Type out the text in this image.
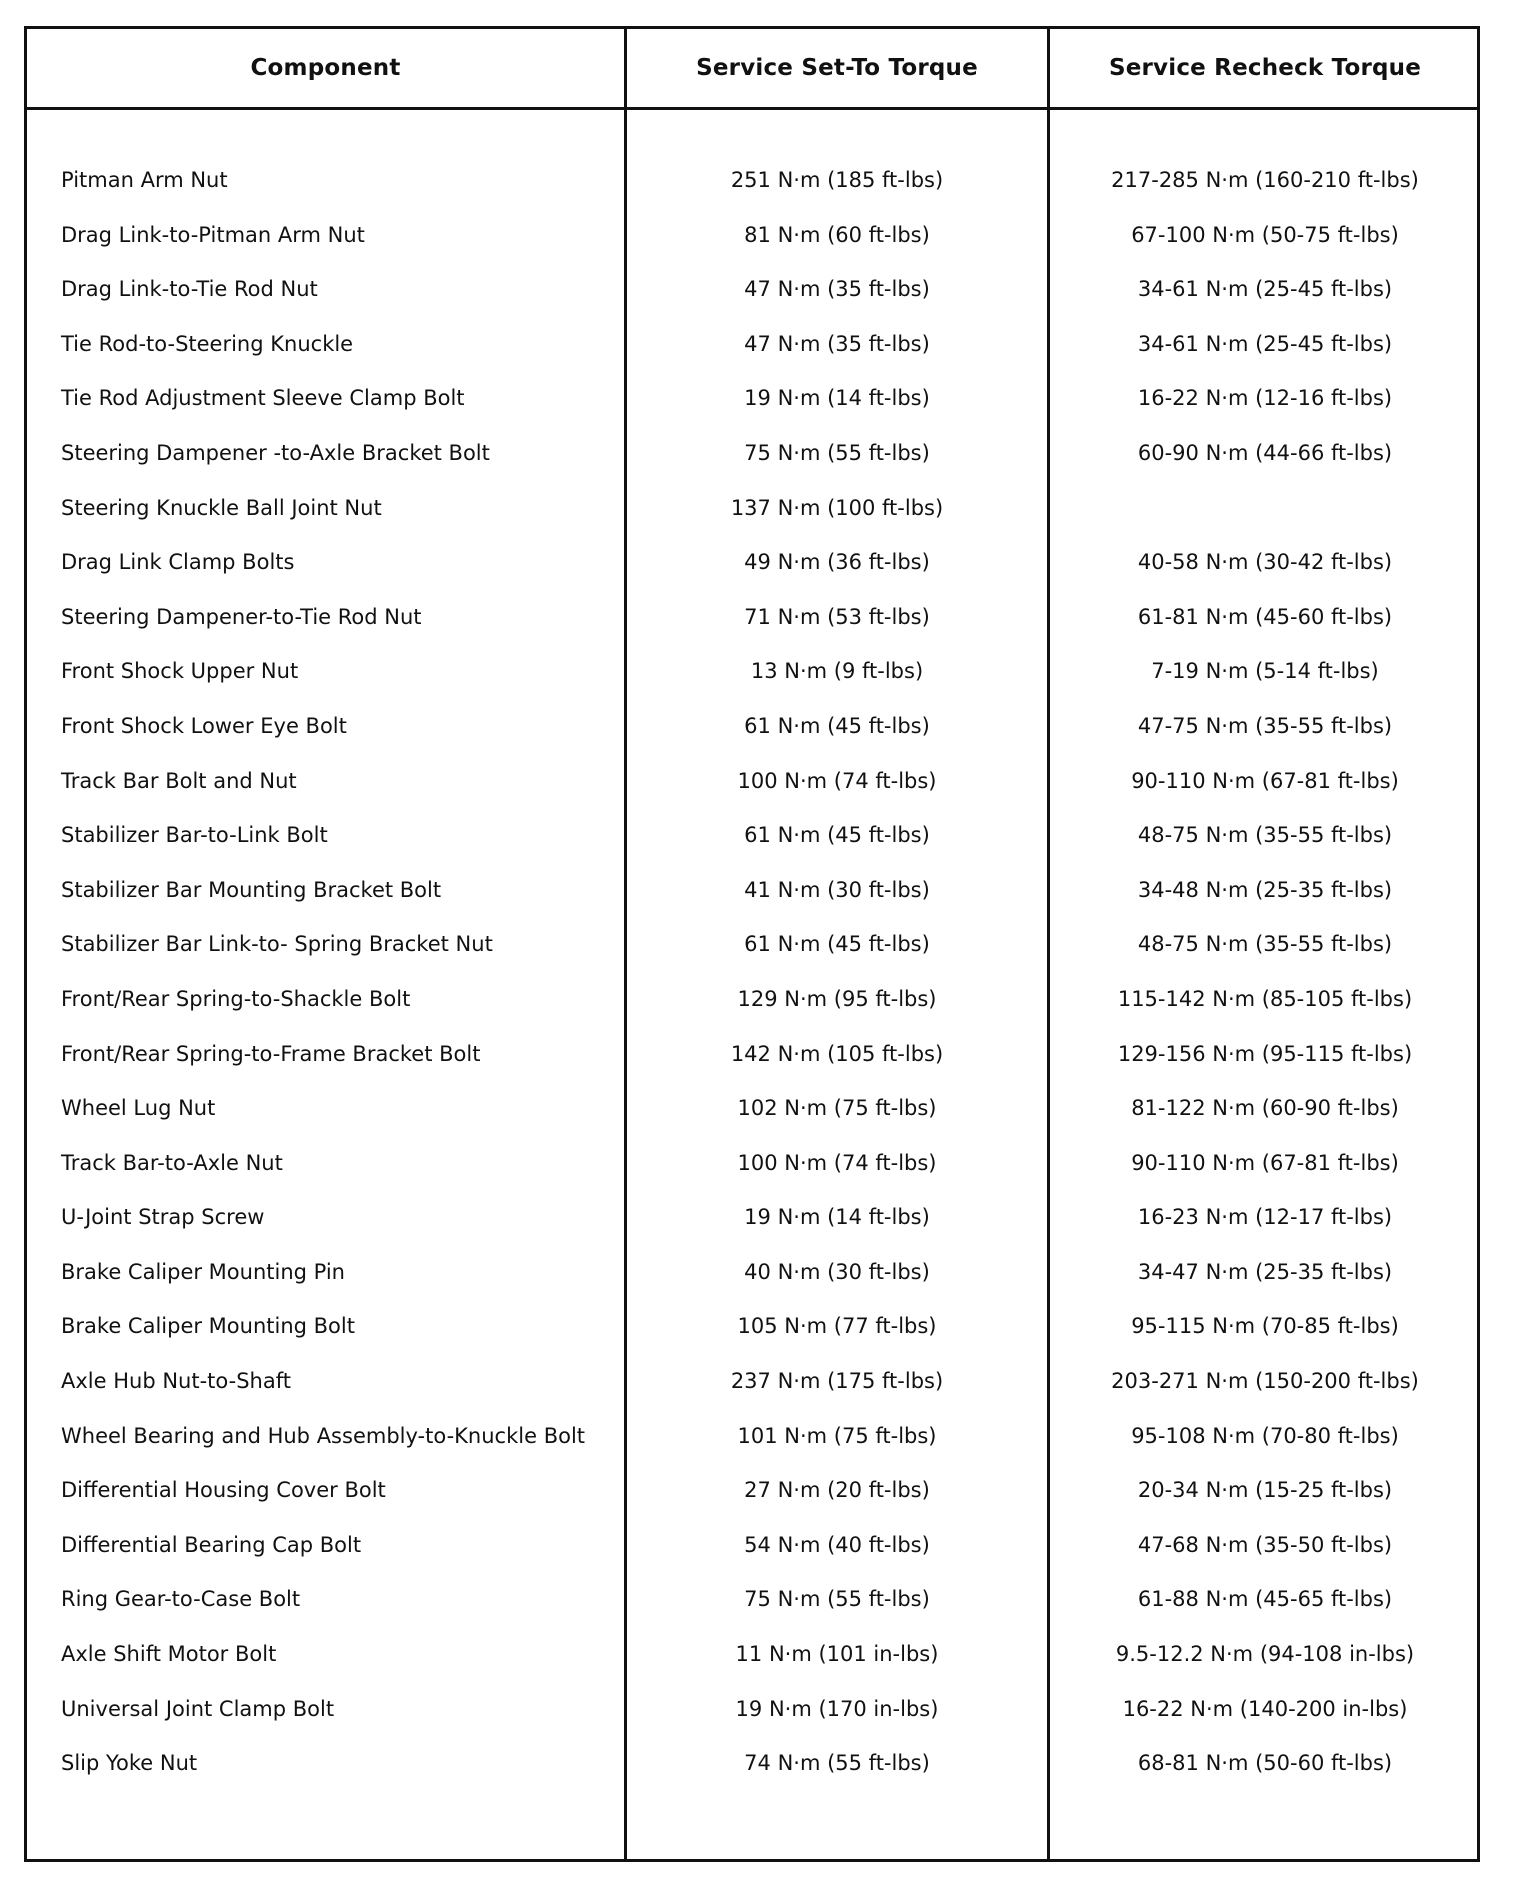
Component	Service Set-To Torque	Service Recheck Torque
Pitman Arm Nut	251 N·m (185 ft-lbs)	217-285 N·m (160-210 ft-lbs)
Drag Link-to-Pitman Arm Nut	81 N·m (60 ft-lbs)	67-100 N·m (50-75 ft-lbs)
Drag Link-to-Tie Rod Nut	47 N·m (35 ft-lbs)	34-61 N·m (25-45 ft-lbs)
Tie Rod-to-Steering Knuckle	47 N·m (35 ft-lbs)	34-61 N·m (25-45 ft-lbs)
Tie Rod Adjustment Sleeve Clamp Bolt	19 N·m (14 ft-lbs)	16-22 N·m (12-16 ft-lbs)
Steering Dampener -to-Axle Bracket Bolt	75 N·m (55 ft-lbs)	60-90 N·m (44-66 ft-lbs)
Steering Knuckle Ball Joint Nut	137 N·m (100 ft-lbs)
Drag Link Clamp Bolts	49 N·m (36 ft-lbs)	40-58 N·m (30-42 ft-lbs)
Steering Dampener-to-Tie Rod Nut	71 N·m (53 ft-lbs)	61-81 N·m (45-60 ft-lbs)
Front Shock Upper Nut	13 N·m (9 ft-lbs)	7-19 N·m (5-14 ft-lbs)
Front Shock Lower Eye Bolt	61 N·m (45 ft-lbs)	47-75 N·m (35-55 ft-lbs)
Track Bar Bolt and Nut	100 N·m (74 ft-lbs)	90-110 N·m (67-81 ft-lbs)
Stabilizer Bar-to-Link Bolt	61 N·m (45 ft-lbs)	48-75 N·m (35-55 ft-lbs)
Stabilizer Bar Mounting Bracket Bolt	41 N·m (30 ft-lbs)	34-48 N·m (25-35 ft-lbs)
Stabilizer Bar Link-to- Spring Bracket Nut	61 N·m (45 ft-lbs)	48-75 N·m (35-55 ft-lbs)
Front/Rear Spring-to-Shackle Bolt	129 N·m (95 ft-lbs)	115-142 N·m (85-105 ft-lbs)
Front/Rear Spring-to-Frame Bracket Bolt	142 N·m (105 ft-lbs)	129-156 N·m (95-115 ft-lbs)
Wheel Lug Nut	102 N·m (75 ft-lbs)	81-122 N·m (60-90 ft-lbs)
Track Bar-to-Axle Nut	100 N·m (74 ft-lbs)	90-110 N·m (67-81 ft-lbs)
U-Joint Strap Screw	19 N·m (14 ft-lbs)	16-23 N·m (12-17 ft-lbs)
Brake Caliper Mounting Pin	40 N·m (30 ft-lbs)	34-47 N·m (25-35 ft-lbs)
Brake Caliper Mounting Bolt	105 N·m (77 ft-lbs)	95-115 N·m (70-85 ft-lbs)
Axle Hub Nut-to-Shaft	237 N·m (175 ft-lbs)	203-271 N·m (150-200 ft-lbs)
Wheel Bearing and Hub Assembly-to-Knuckle Bolt	101 N·m (75 ft-lbs)	95-108 N·m (70-80 ft-lbs)
Differential Housing Cover Bolt	27 N·m (20 ft-lbs)	20-34 N·m (15-25 ft-lbs)
Differential Bearing Cap Bolt	54 N·m (40 ft-lbs)	47-68 N·m (35-50 ft-lbs)
Ring Gear-to-Case Bolt	75 N·m (55 ft-lbs)	61-88 N·m (45-65 ft-lbs)
Axle Shift Motor Bolt	11 N·m (101 in-lbs)	9.5-12.2 N·m (94-108 in-lbs)
Universal Joint Clamp Bolt	19 N·m (170 in-lbs)	16-22 N·m (140-200 in-lbs)
Slip Yoke Nut	74 N·m (55 ft-lbs)	68-81 N·m (50-60 ft-lbs)
